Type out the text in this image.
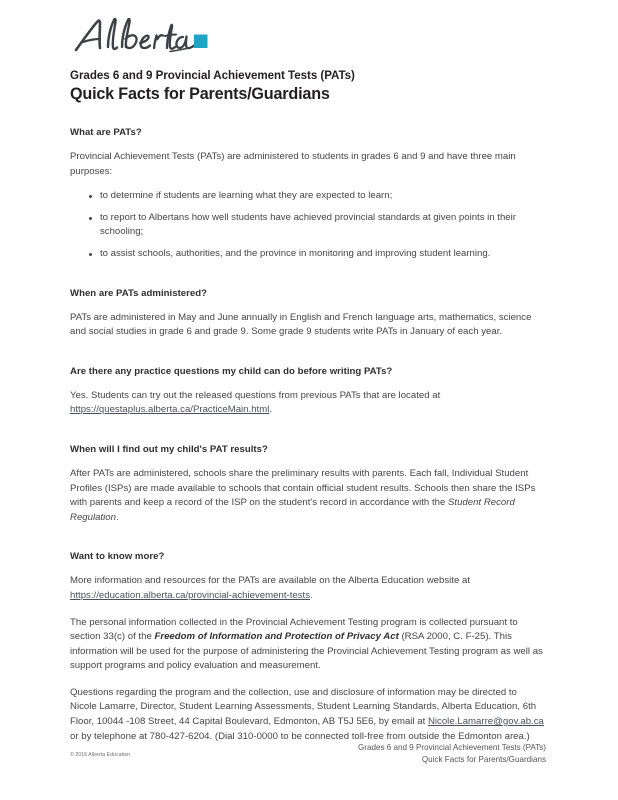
Grades 6 and 9 Provincial Achievement Tests (PATs)
Quick Facts for Parents/Guardians
What are PATs?

Provincial Achievement Tests (PATs) are administered to students in grades 6 and 9 and have three main purposes:

to determine if students are learning what they are expected to learn;
to report to Albertans how well students have achieved provincial standards at given points in their schooling;
to assist schools, authorities, and the province in monitoring and improving student learning.
When are PATs administered?

PATs are administered in May and June annually in English and French language arts, mathematics, science and social studies in grade 6 and grade 9. Some grade 9 students write PATs in January of each year.

Are there any practice questions my child can do before writing PATs?

Yes. Students can try out the released questions from previous PATs that are located at https://questaplus.alberta.ca/PracticeMain.html.

When will I find out my child's PAT results?

After PATs are administered, schools share the preliminary results with parents. Each fall, Individual Student Profiles (ISPs) are made available to schools that contain official student results. Schools then share the ISPs with parents and keep a record of the ISP on the student's record in accordance with the Student Record Regulation.

Want to know more?

More information and resources for the PATs are available on the Alberta Education website at https://education.alberta.ca/provincial-achievement-tests.

The personal information collected in the Provincial Achievement Testing program is collected pursuant to section 33(c) of the Freedom of Information and Protection of Privacy Act (RSA 2000, C. F-25). This information will be used for the purpose of administering the Provincial Achievement Testing program as well as support programs and policy evaluation and measurement.

Questions regarding the program and the collection, use and disclosure of information may be directed to Nicole Lamarre, Director, Student Learning Assessments, Student Learning Standards, Alberta Education, 6th Floor, 10044 -108 Street, 44 Capital Boulevard, Edmonton, AB T5J 5E6, by email at Nicole.Lamarre@gov.ab.ca or by telephone at 780-427-6204. (Dial 310-0000 to be connected toll-free from outside the Edmonton area.)

© 2016 Alberta Education
Grades 6 and 9 Provincial Achievement Tests (PATs)
Quick Facts for Parents/Guardians
